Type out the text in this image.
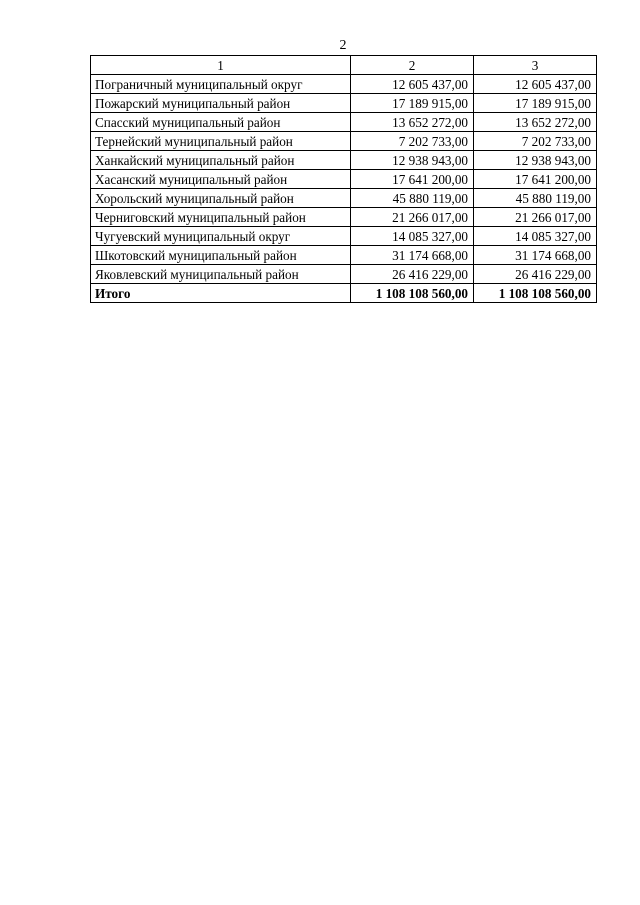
2
1	2	3
Пограничный муниципальный округ	12 605 437,00	12 605 437,00
Пожарский муниципальный район	17 189 915,00	17 189 915,00
Спасский муниципальный район	13 652 272,00	13 652 272,00
Тернейский муниципальный район	7 202 733,00	7 202 733,00
Ханкайский муниципальный район	12 938 943,00	12 938 943,00
Хасанский муниципальный район	17 641 200,00	17 641 200,00
Хорольский муниципальный район	45 880 119,00	45 880 119,00
Черниговский муниципальный район	21 266 017,00	21 266 017,00
Чугуевский муниципальный округ	14 085 327,00	14 085 327,00
Шкотовский муниципальный район	31 174 668,00	31 174 668,00
Яковлевский муниципальный район	26 416 229,00	26 416 229,00
Итого	1 108 108 560,00	1 108 108 560,00
